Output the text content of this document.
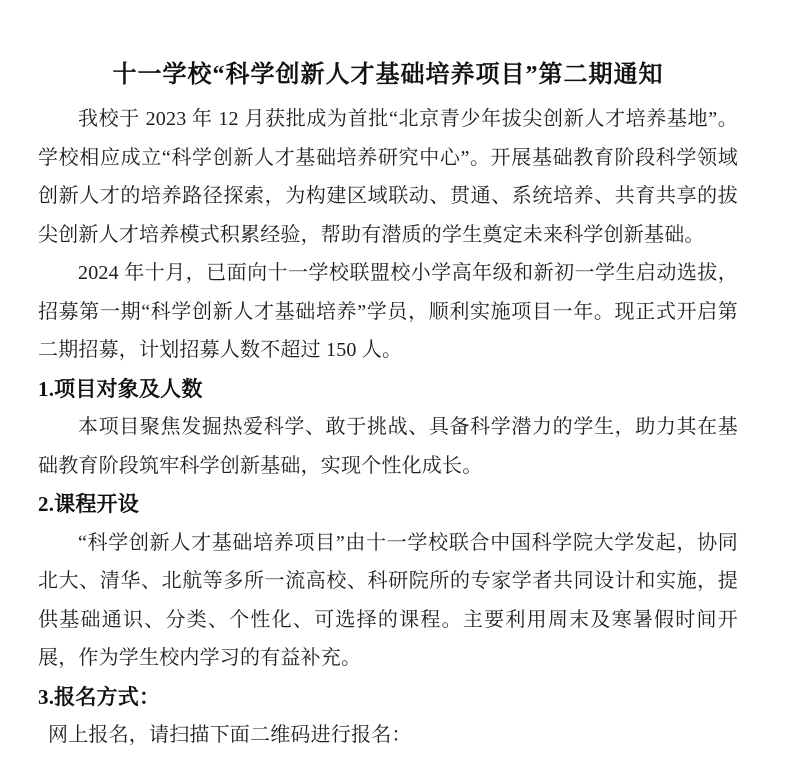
十一学校“科学创新人才基础培养项目”第二期通知

我校于 2023 年 12 月获批成为首批“北京青少年拔尖创新人才培养基地”。学校相应成立“科学创新人才基础培养研究中心”。开展基础教育阶段科学领域创新人才的培养路径探索，为构建区域联动、贯通、系统培养、共育共享的拔尖创新人才培养模式积累经验，帮助有潜质的学生奠定未来科学创新基础。

2024 年十月，已面向十一学校联盟校小学高年级和新初一学生启动选拔，招募第一期“科学创新人才基础培养”学员，顺利实施项目一年。现正式开启第二期招募，计划招募人数不超过 150 人。

1.项目对象及人数

本项目聚焦发掘热爱科学、敢于挑战、具备科学潜力的学生，助力其在基础教育阶段筑牢科学创新基础，实现个性化成长。

2.课程开设

“科学创新人才基础培养项目”由十一学校联合中国科学院大学发起，协同北大、清华、北航等多所一流高校、科研院所的专家学者共同设计和实施，提供基础通识、分类、个性化、可选择的课程。主要利用周末及寒暑假时间开展，作为学生校内学习的有益补充。

3.报名方式：

网上报名，请扫描下面二维码进行报名：
